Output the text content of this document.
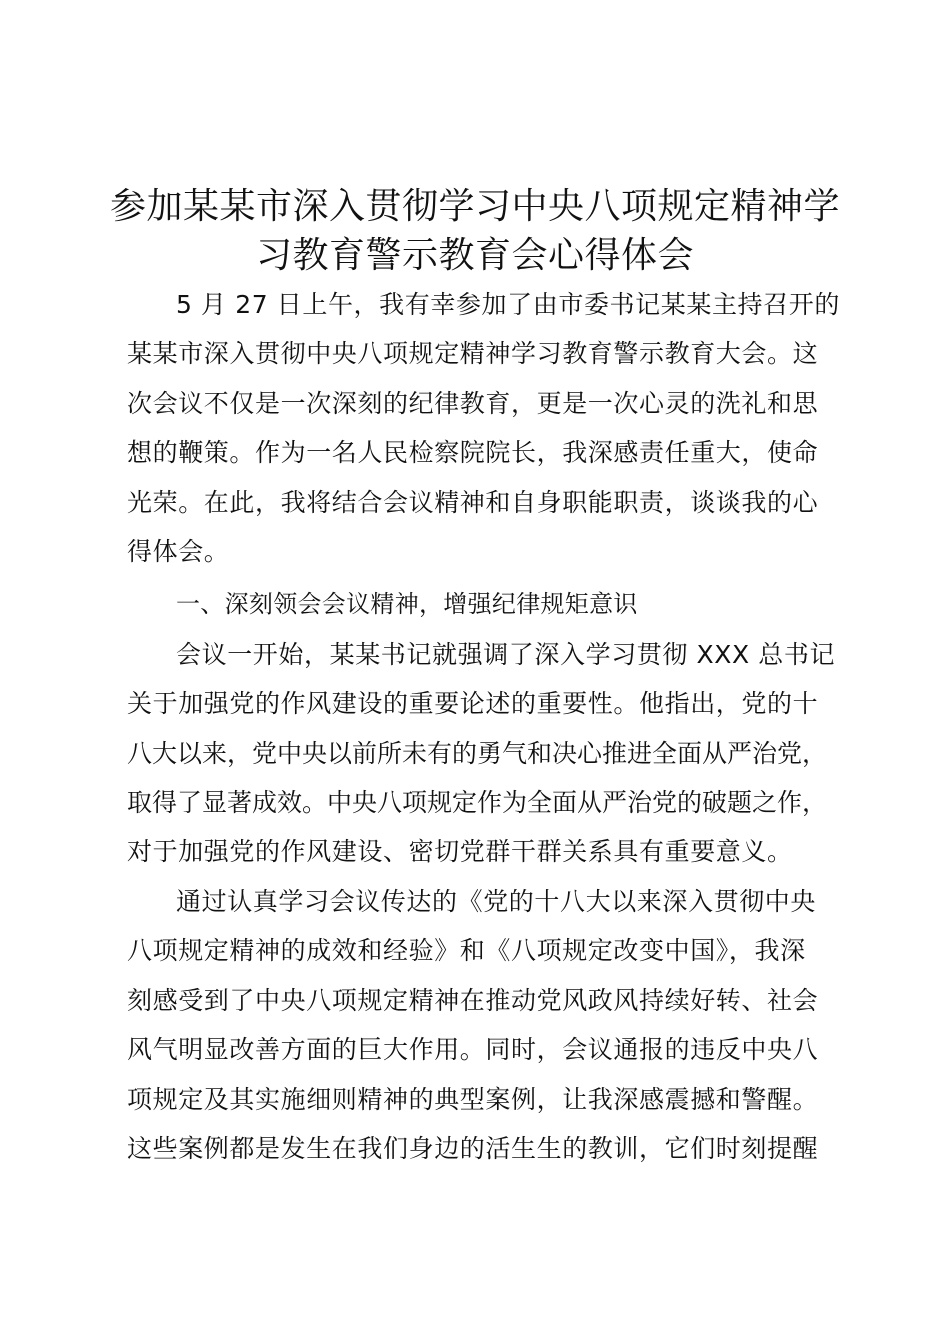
参加某某市深入贯彻学习中央八项规定精神学
习教育警示教育会心得体会
5 月 27 日上午，我有幸参加了由市委书记某某主持召开的
某某市深入贯彻中央八项规定精神学习教育警示教育大会。这
次会议不仅是一次深刻的纪律教育，更是一次心灵的洗礼和思
想的鞭策。作为一名人民检察院院长，我深感责任重大，使命
光荣。在此，我将结合会议精神和自身职能职责，谈谈我的心
得体会。
一、深刻领会会议精神，增强纪律规矩意识
会议一开始，某某书记就强调了深入学习贯彻 XXX 总书记
关于加强党的作风建设的重要论述的重要性。他指出，党的十
八大以来，党中央以前所未有的勇气和决心推进全面从严治党，
取得了显著成效。中央八项规定作为全面从严治党的破题之作，
对于加强党的作风建设、密切党群干群关系具有重要意义。
通过认真学习会议传达的《党的十八大以来深入贯彻中央
八项规定精神的成效和经验》和《八项规定改变中国》，我深
刻感受到了中央八项规定精神在推动党风政风持续好转、社会
风气明显改善方面的巨大作用。同时，会议通报的违反中央八
项规定及其实施细则精神的典型案例，让我深感震撼和警醒。
这些案例都是发生在我们身边的活生生的教训，它们时刻提醒
